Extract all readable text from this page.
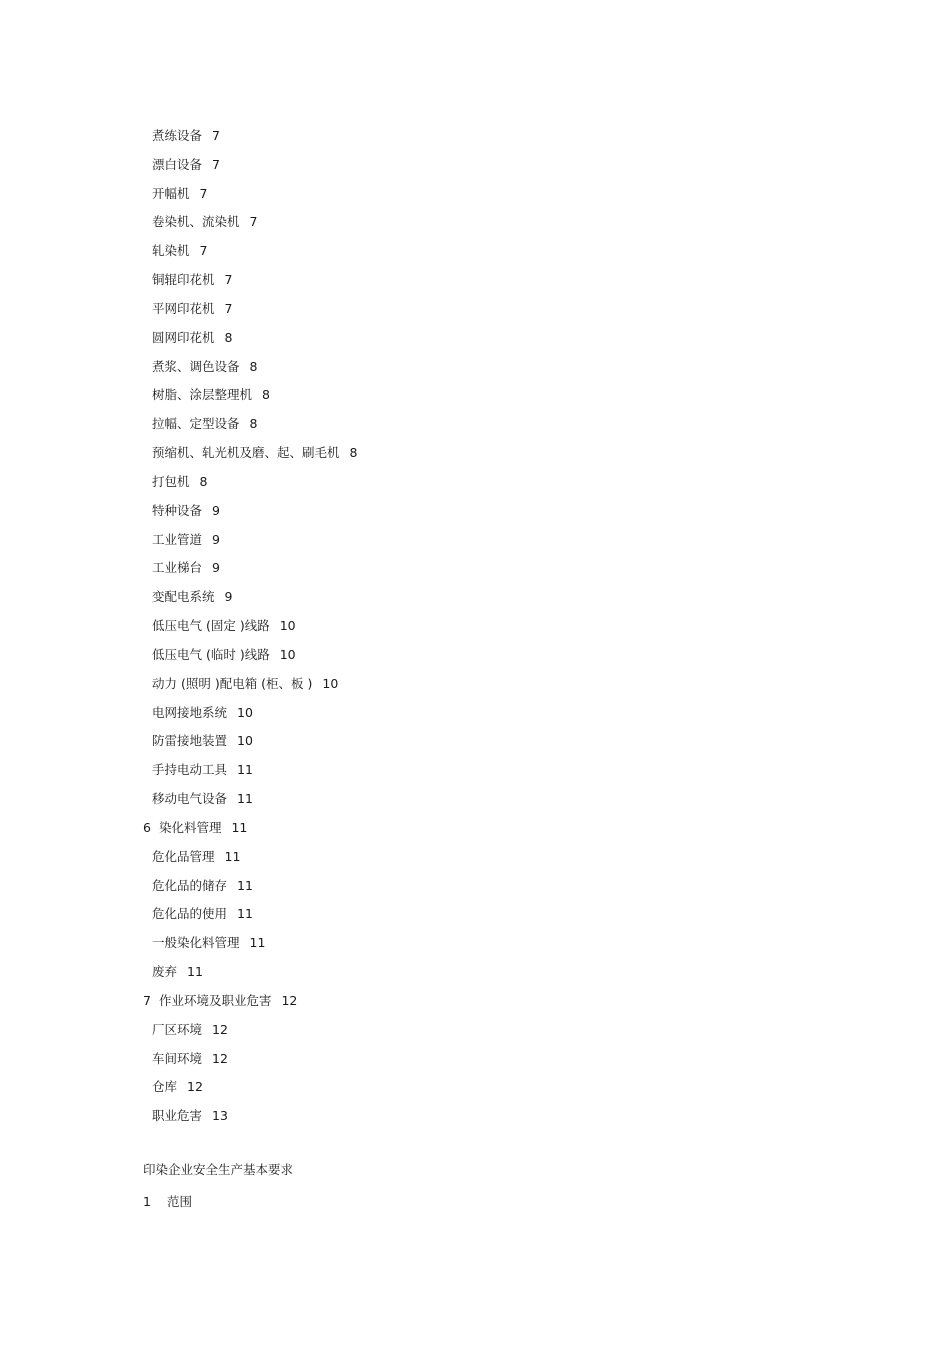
煮练设备 7
漂白设备 7
开幅机 7
卷染机、流染机 7
轧染机 7
铜辊印花机 7
平网印花机 7
圆网印花机 8
煮浆、调色设备 8
树脂、涂层整理机 8
拉幅、定型设备 8
预缩机、轧光机及磨、起、刷毛机 8
打包机 8
特种设备 9
工业管道 9
工业梯台 9
变配电系统 9
低压电气 (固定 )线路 10
低压电气 (临时 )线路 10
动力 (照明 )配电箱 (柜、板 ) 10
电网接地系统 10
防雷接地装置 10
手持电动工具 11
移动电气设备 11
6 染化料管理 11
危化品管理 11
危化品的储存 11
危化品的使用 11
一般染化料管理 11
废弃 11
7 作业环境及职业危害 12
厂区环境 12
车间环境 12
仓库 12
职业危害 13
印染企业安全生产基本要求
1 范围
